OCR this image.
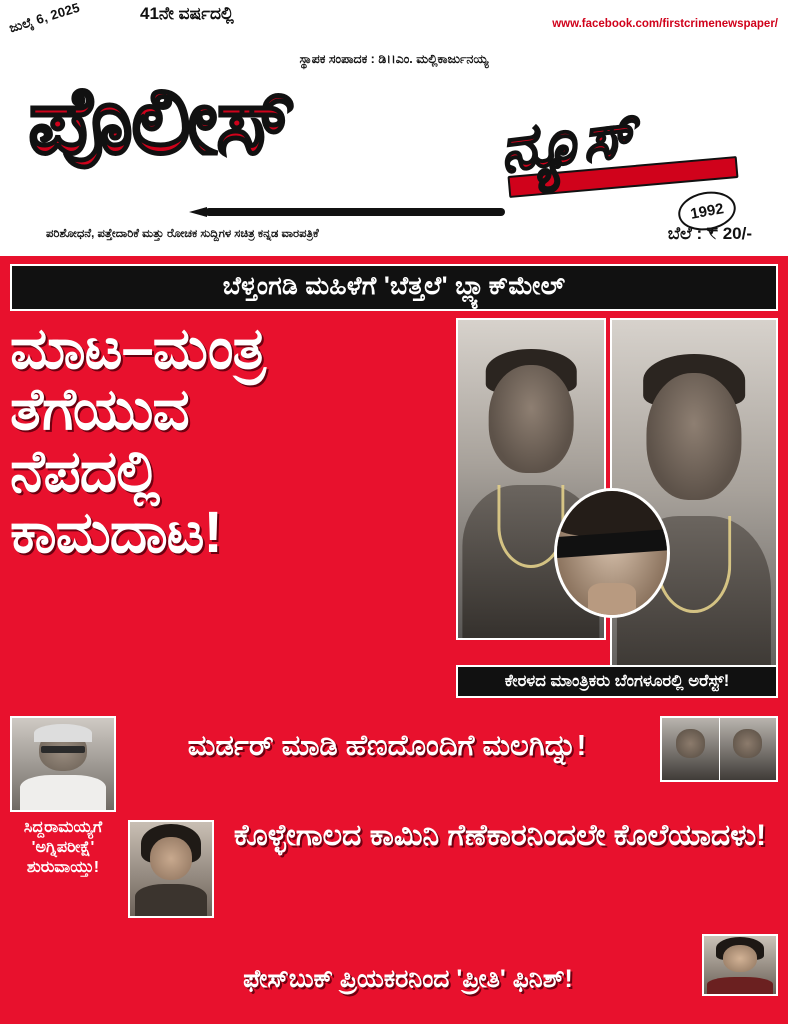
ಜುಲೈ 6, 2025	41ನೇ ವರ್ಷದಲ್ಲಿ
www.facebook.com/firstcrimenewspaper/
ಸ್ಥಾಪಕ ಸಂಪಾದಕ : ಡಿ।।ಎಂ. ಮಲ್ಲಿಕಾರ್ಜುನಯ್ಯ
ಪೊಲೀಸ್	ನ್ಯೂಸ್
1992
ಪರಿಶೋಧನೆ, ಪತ್ತೇದಾರಿಕೆ ಮತ್ತು ರೋಚಕ ಸುದ್ದಿಗಳ ಸಚಿತ್ರ ಕನ್ನಡ ವಾರಪತ್ರಿಕೆ	ಬೆಲೆ : ₹ 20/-
ಬೆಳ್ತಂಗಡಿ ಮಹಿಳೆಗೆ 'ಬೆತ್ತಲೆ' ಬ್ಲ್ಯಾಕ್‌ಮೇಲ್
ಮಾಟ–ಮಂತ್ರ
ತೆಗೆಯುವ
ನೆಪದಲ್ಲಿ
ಕಾಮದಾಟ!
ಕೇರಳದ ಮಾಂತ್ರಿಕರು ಬೆಂಗಳೂರಲ್ಲಿ ಅರೆಸ್ಟ್!
ಮರ್ಡರ್ ಮಾಡಿ ಹೆಣದೊಂದಿಗೆ ಮಲಗಿದ್ನು!
ಸಿದ್ದರಾಮಯ್ಯಗೆ 'ಅಗ್ನಿಪರೀಕ್ಷೆ' ಶುರುವಾಯ್ತು!
ಕೊಳ್ಳೇಗಾಲದ ಕಾಮಿನಿ ಗೆಣೆಕಾರನಿಂದಲೇ ಕೊಲೆಯಾದಳು!
ಫೇಸ್‌ಬುಕ್ ಪ್ರಿಯಕರನಿಂದ 'ಪ್ರೀತಿ' ಫಿನಿಶ್!
